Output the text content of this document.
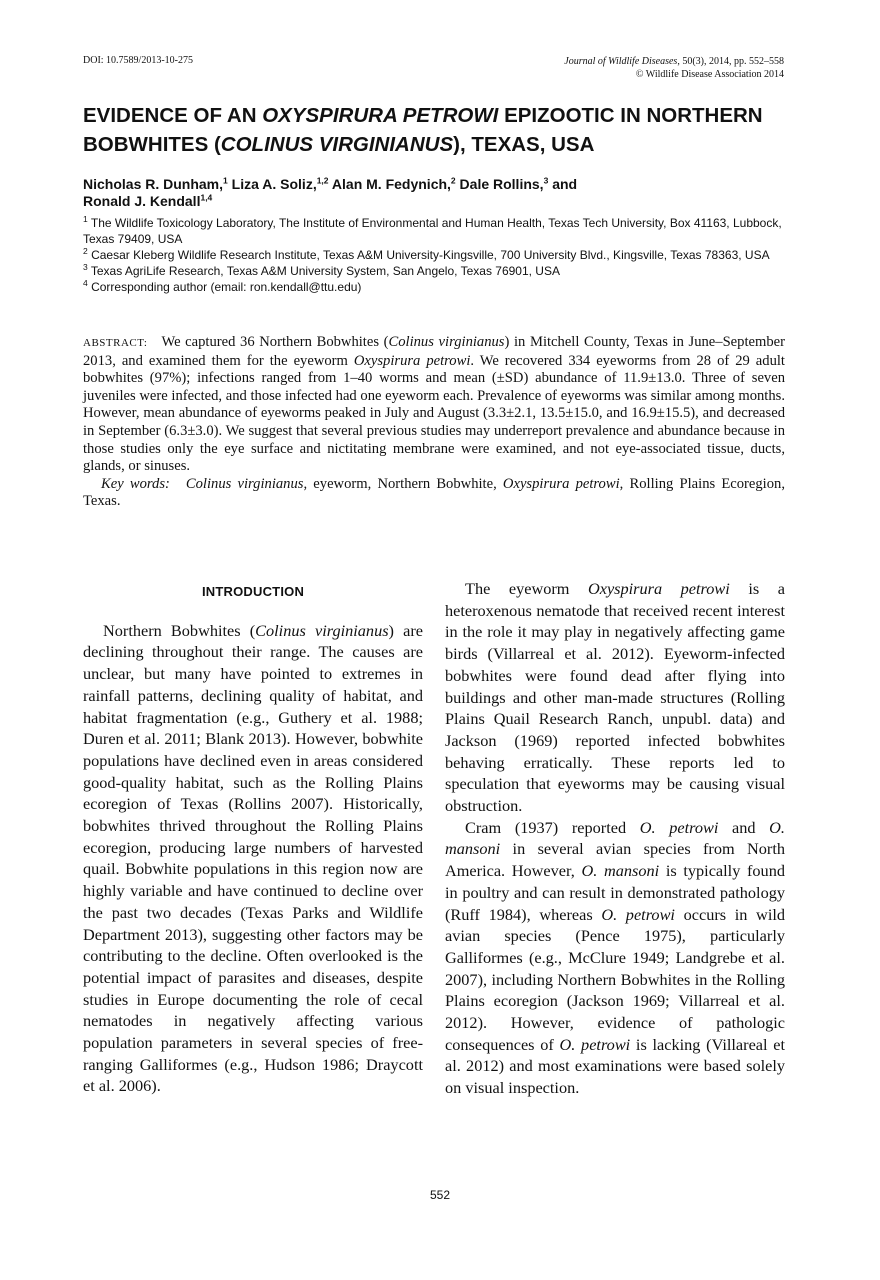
DOI: 10.7589/2013-10-275	Journal of Wildlife Diseases, 50(3), 2014, pp. 552–558
© Wildlife Disease Association 2014
EVIDENCE OF AN OXYSPIRURA PETROWI EPIZOOTIC IN NORTHERN BOBWHITES (COLINUS VIRGINIANUS), TEXAS, USA
Nicholas R. Dunham,$^1$ Liza A. Soliz,$^{1,2}$ Alan M. Fedynich,$^2$ Dale Rollins,$^3$ and
Ronald J. Kendall$^{1,4}$
$^1$ The Wildlife Toxicology Laboratory, The Institute of Environmental and Human Health, Texas Tech University, Box 41163, Lubbock, Texas 79409, USA
$^2$ Caesar Kleberg Wildlife Research Institute, Texas A&M University-Kingsville, 700 University Blvd., Kingsville, Texas 78363, USA
$^3$ Texas AgriLife Research, Texas A&M University System, San Angelo, Texas 76901, USA
$^4$ Corresponding author (email: ron.kendall@ttu.edu)

ABSTRACT: We captured 36 Northern Bobwhites (Colinus virginianus) in Mitchell County, Texas in June–September 2013, and examined them for the eyeworm Oxyspirura petrowi. We recovered 334 eyeworms from 28 of 29 adult bobwhites (97%); infections ranged from 1–40 worms and mean (±SD) abundance of 11.9±13.0. Three of seven juveniles were infected, and those infected had one eyeworm each. Prevalence of eyeworms was similar among months. However, mean abundance of eyeworms peaked in July and August (3.3±2.1, 13.5±15.0, and 16.9±15.5), and decreased in September (6.3±3.0). We suggest that several previous studies may underreport prevalence and abundance because in those studies only the eye surface and nictitating membrane were examined, and not eye-associated tissue, ducts, glands, or sinuses.

Key words: Colinus virginianus, eyeworm, Northern Bobwhite, Oxyspirura petrowi, Rolling Plains Ecoregion, Texas.

INTRODUCTION

Northern Bobwhites (Colinus virginianus) are declining throughout their range. The causes are unclear, but many have pointed to extremes in rainfall patterns, declining quality of habitat, and habitat fragmentation (e.g., Guthery et al. 1988; Duren et al. 2011; Blank 2013). However, bobwhite populations have declined even in areas considered good-quality habitat, such as the Rolling Plains ecoregion of Texas (Rollins 2007). Historically, bobwhites thrived throughout the Rolling Plains ecoregion, producing large numbers of harvested quail. Bobwhite populations in this region now are highly variable and have continued to decline over the past two decades (Texas Parks and Wildlife Department 2013), suggesting other factors may be contributing to the decline. Often overlooked is the potential impact of parasites and diseases, despite studies in Europe documenting the role of cecal nematodes in negatively affecting various population parameters in several species of free-ranging Galliformes (e.g., Hudson 1986; Draycott et al. 2006).

The eyeworm Oxyspirura petrowi is a heteroxenous nematode that received recent interest in the role it may play in negatively affecting game birds (Villarreal et al. 2012). Eyeworm-infected bobwhites were found dead after flying into buildings and other man-made structures (Rolling Plains Quail Research Ranch, unpubl. data) and Jackson (1969) reported infected bobwhites behaving erratically. These reports led to speculation that eyeworms may be causing visual obstruction.

Cram (1937) reported O. petrowi and O. mansoni in several avian species from North America. However, O. mansoni is typically found in poultry and can result in demonstrated pathology (Ruff 1984), whereas O. petrowi occurs in wild avian species (Pence 1975), particularly Galliformes (e.g., McClure 1949; Landgrebe et al. 2007), including Northern Bobwhites in the Rolling Plains ecoregion (Jackson 1969; Villarreal et al. 2012). However, evidence of pathologic consequences of O. petrowi is lacking (Villareal et al. 2012) and most examinations were based solely on visual inspection.

552
